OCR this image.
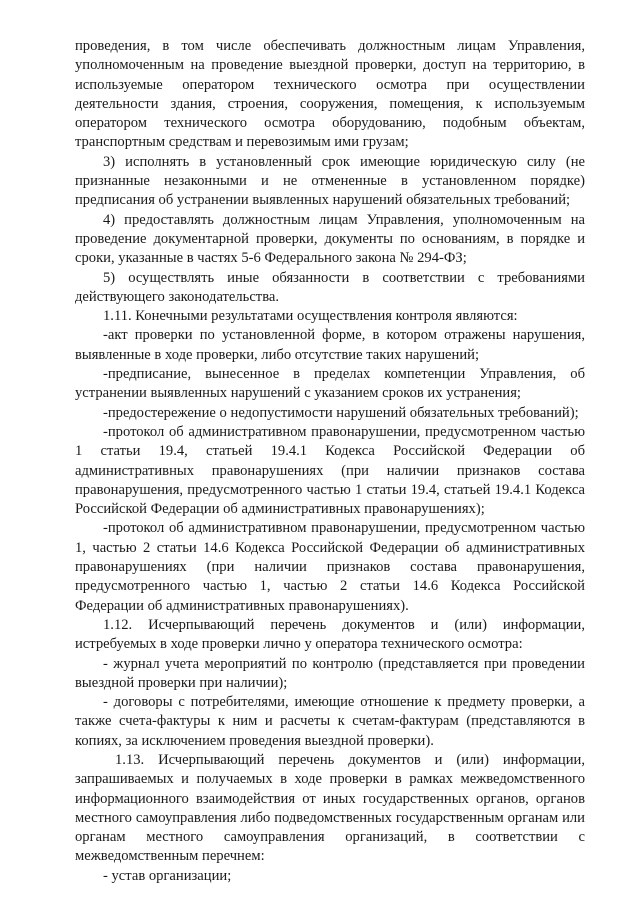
проведения, в том числе обеспечивать должностным лицам Управления, уполномоченным на проведение выездной проверки, доступ на территорию, в используемые оператором технического осмотра при осуществлении деятельности здания, строения, сооружения, помещения, к используемым оператором технического осмотра оборудованию, подобным объектам, транспортным средствам и перевозимым ими грузам;

3) исполнять в установленный срок имеющие юридическую силу (не признанные незаконными и не отмененные в установленном порядке) предписания об устранении выявленных нарушений обязательных требований;

4) предоставлять должностным лицам Управления, уполномоченным на проведение документарной проверки, документы по основаниям, в порядке и сроки, указанные в частях 5-6 Федерального закона № 294-ФЗ;

5) осуществлять иные обязанности в соответствии с требованиями действующего законодательства.

1.11. Конечными результатами осуществления контроля являются:

-акт проверки по установленной форме, в котором отражены нарушения, выявленные в ходе проверки, либо отсутствие таких нарушений;

-предписание, вынесенное в пределах компетенции Управления, об устранении выявленных нарушений с указанием сроков их устранения;

-предостережение о недопустимости нарушений обязательных требований);

-протокол об административном правонарушении, предусмотренном частью 1 статьи 19.4, статьей 19.4.1 Кодекса Российской Федерации об административных правонарушениях (при наличии признаков состава правонарушения, предусмотренного частью 1 статьи 19.4, статьей 19.4.1 Кодекса Российской Федерации об административных правонарушениях);

-протокол об административном правонарушении, предусмотренном частью 1, частью 2 статьи 14.6 Кодекса Российской Федерации об административных правонарушениях (при наличии признаков состава правонарушения, предусмотренного частью 1, частью 2 статьи 14.6 Кодекса Российской Федерации об административных правонарушениях).

1.12. Исчерпывающий перечень документов и (или) информации, истребуемых в ходе проверки лично у оператора технического осмотра:

- журнал учета мероприятий по контролю (представляется при проведении выездной проверки при наличии);

- договоры с потребителями, имеющие отношение к предмету проверки, а также счета-фактуры к ним и расчеты к счетам-фактурам (представляются в копиях, за исключением проведения выездной проверки).

1.13. Исчерпывающий перечень документов и (или) информации, запрашиваемых и получаемых в ходе проверки в рамках межведомственного информационного взаимодействия от иных государственных органов, органов местного самоуправления либо подведомственных государственным органам или органам местного самоуправления организаций, в соответствии с межведомственным перечнем:

- устав организации;
